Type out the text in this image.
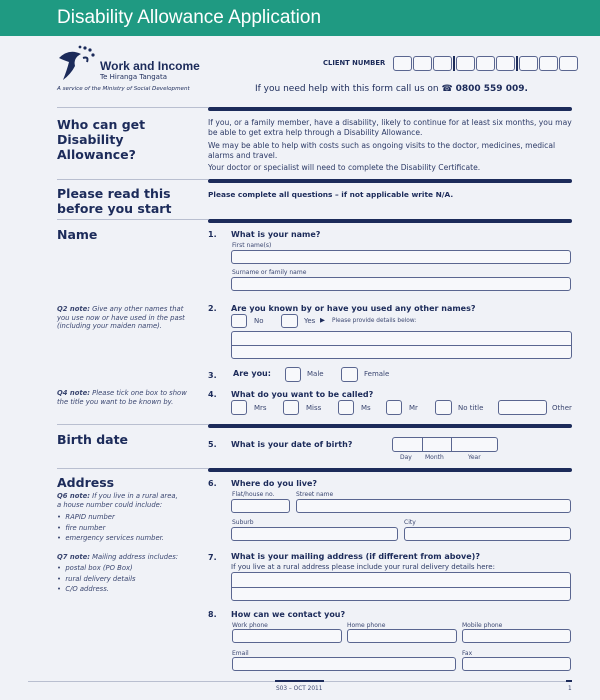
Disability Allowance Application
Work and Income
Te Hiranga Tangata
A service of the Ministry of Social Development
CLIENT NUMBER
If you need help with this form call us on ☎ 0800 559 009.
Who can get Disability Allowance?
If you, or a family member, have a disability, likely to continue for at least six months, you may be able to get extra help through a Disability Allowance.
We may be able to help with costs such as ongoing visits to the doctor, medicines, medical alarms and travel.
Your doctor or specialist will need to complete the Disability Certificate.
Please read this before you start
Please complete all questions – if not applicable write N/A.
Name	1. What is your name?
First name(s)
Surname or family name
Q2 note: Give any other names that you use now or have used in the past (including your maiden name).
2. Are you known by or have you used any other names?
No	Yes ▶ Please provide details below:
3. Are you:	Male	Female
Q4 note: Please tick one box to show the title you want to be known by.
4. What do you want to be called?
Mrs	Miss	Ms	Mr	No title	Other
Birth date	5. What is your date of birth?
Day Month	Year
Address
Q6 note: If you live in a rural area, a house number could include:
•  RAPID number
•  fire number
•  emergency services number.
Q7 note: Mailing address includes:
•  postal box (PO Box)
•  rural delivery details
•  C/O address.
6. Where do you live?
Flat/house no.	Street name
Suburb	City
7. What is your mailing address (if different from above)?
If you live at a rural address please include your rural delivery details here:
8. How can we contact you?
Work phone	Home phone	Mobile phone
Email	Fax
S03 – OCT 2011	1
